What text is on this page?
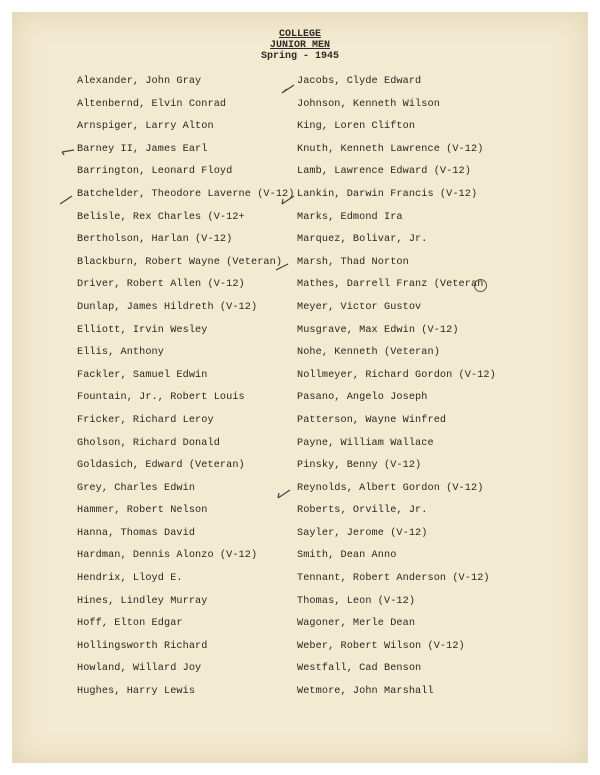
COLLEGE
JUNIOR MEN
Spring - 1945
Alexander, John Gray
Altenbernd, Elvin Conrad
Arnspiger, Larry Alton
Barney II, James Earl
Barrington, Leonard Floyd
Batchelder, Theodore Laverne (V-12)
Belisle, Rex Charles (V-12+
Bertholson, Harlan (V-12)
Blackburn, Robert Wayne (Veteran)
Driver, Robert Allen (V-12)
Dunlap, James Hildreth (V-12)
Elliott, Irvin Wesley
Ellis, Anthony
Fackler, Samuel Edwin
Fountain, Jr., Robert Louis
Fricker, Richard Leroy
Gholson, Richard Donald
Goldasich, Edward (Veteran)
Grey, Charles Edwin
Hammer, Robert Nelson
Hanna, Thomas David
Hardman, Dennis Alonzo (V-12)
Hendrix, Lloyd E.
Hines, Lindley Murray
Hoff, Elton Edgar
Hollingsworth Richard
Howland, Willard Joy
Hughes, Harry Lewis
Jacobs, Clyde Edward
Johnson, Kenneth Wilson
King, Loren Clifton
Knuth, Kenneth Lawrence (V-12)
Lamb, Lawrence Edward (V-12)
Lankin, Darwin Francis (V-12)
Marks, Edmond Ira
Marquez, Bolivar, Jr.
Marsh, Thad Norton
Mathes, Darrell Franz (Veteran
Meyer, Victor Gustov
Musgrave, Max Edwin (V-12)
Nohe, Kenneth (Veteran)
Nollmeyer, Richard Gordon (V-12)
Pasano, Angelo Joseph
Patterson, Wayne Winfred
Payne, William Wallace
Pinsky, Benny (V-12)
Reynolds, Albert Gordon (V-12)
Roberts, Orville, Jr.
Sayler, Jerome (V-12)
Smith, Dean Anno
Tennant, Robert Anderson (V-12)
Thomas, Leon (V-12)
Wagoner, Merle Dean
Weber, Robert Wilson (V-12)
Westfall, Cad Benson
Wetmore, John Marshall
